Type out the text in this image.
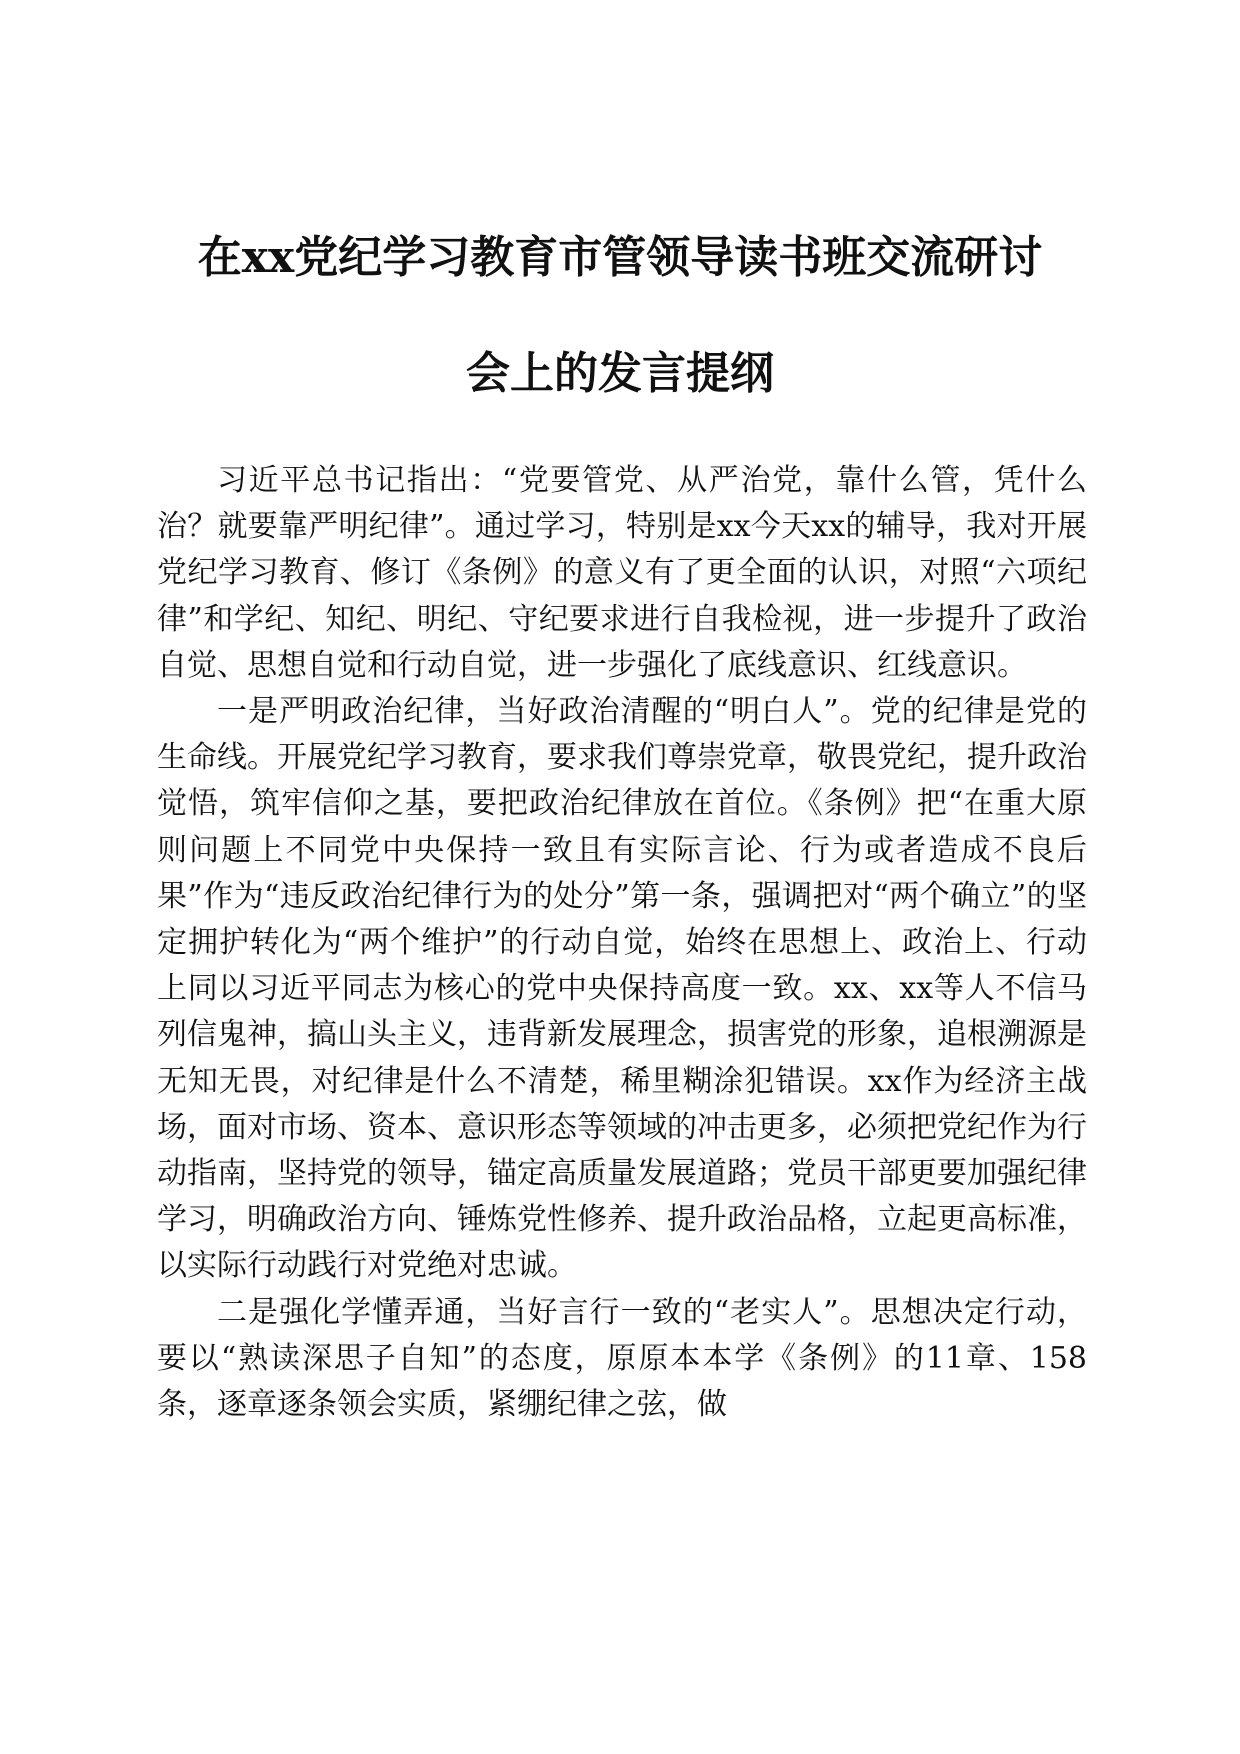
在xx党纪学习教育市管领导读书班交流研讨
会上的发言提纲

习近平总书记指出：“党要管党、从严治党，靠什么管，凭什么治？就要靠严明纪律”。通过学习，特别是xx今天xx的辅导，我对开展党纪学习教育、修订《条例》的意义有了更全面的认识，对照“六项纪律”和学纪、知纪、明纪、守纪要求进行自我检视，进一步提升了政治自觉、思想自觉和行动自觉，进一步强化了底线意识、红线意识。

一是严明政治纪律，当好政治清醒的“明白人”。党的纪律是党的生命线。开展党纪学习教育，要求我们尊崇党章，敬畏党纪，提升政治觉悟，筑牢信仰之基，要把政治纪律放在首位。《条例》把“在重大原则问题上不同党中央保持一致且有实际言论、行为或者造成不良后果”作为“违反政治纪律行为的处分”第一条，强调把对“两个确立”的坚定拥护转化为“两个维护”的行动自觉，始终在思想上、政治上、行动上同以习近平同志为核心的党中央保持高度一致。xx、xx等人不信马列信鬼神，搞山头主义，违背新发展理念，损害党的形象，追根溯源是无知无畏，对纪律是什么不清楚，稀里糊涂犯错误。xx作为经济主战场，面对市场、资本、意识形态等领域的冲击更多，必须把党纪作为行动指南，坚持党的领导，锚定高质量发展道路；党员干部更要加强纪律学习，明确政治方向、锤炼党性修养、提升政治品格，立起更高标准，以实际行动践行对党绝对忠诚。

二是强化学懂弄通，当好言行一致的“老实人”。思想决定行动，要以“熟读深思子自知”的态度，原原本本学《条例》的11章、158条，逐章逐条领会实质，紧绷纪律之弦，做
